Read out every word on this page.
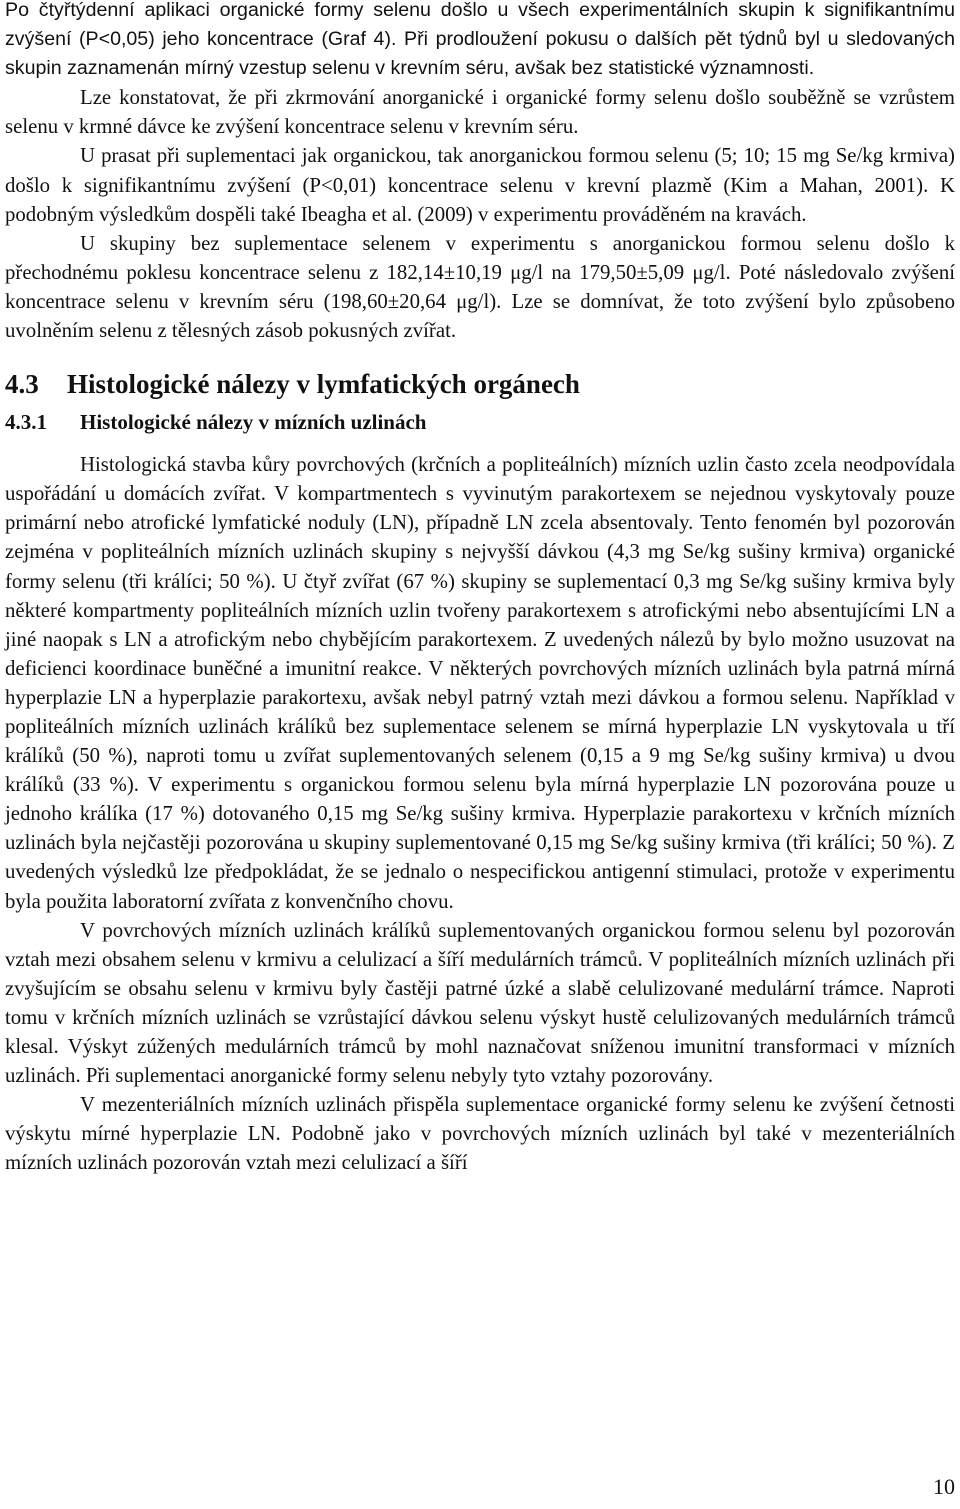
Po čtyřtýdenní aplikaci organické formy selenu došlo u všech experimentálních skupin k signifikantnímu zvýšení (P<0,05) jeho koncentrace (Graf 4). Při prodloužení pokusu o dalších pět týdnů byl u sledovaných skupin zaznamenán mírný vzestup selenu v krevním séru, avšak bez statistické významnosti.

Lze konstatovat, že při zkrmování anorganické i organické formy selenu došlo souběžně se vzrůstem selenu v krmné dávce ke zvýšení koncentrace selenu v krevním séru.

U prasat při suplementaci jak organickou, tak anorganickou formou selenu (5; 10; 15 mg Se/kg krmiva) došlo k signifikantnímu zvýšení (P<0,01) koncentrace selenu v krevní plazmě (Kim a Mahan, 2001). K podobným výsledkům dospěli také Ibeagha et al. (2009) v experimentu prováděném na kravách.

U skupiny bez suplementace selenem v experimentu s anorganickou formou selenu došlo k přechodnému poklesu koncentrace selenu z 182,14±10,19 μg/l na 179,50±5,09 μg/l. Poté následovalo zvýšení koncentrace selenu v krevním séru (198,60±20,64 μg/l). Lze se domnívat, že toto zvýšení bylo způsobeno uvolněním selenu z tělesných zásob pokusných zvířat.

4.3 Histologické nálezy v lymfatických orgánech
4.3.1 Histologické nálezy v mízních uzlinách

Histologická stavba kůry povrchových (krčních a popliteálních) mízních uzlin často zcela neodpovídala uspořádání u domácích zvířat. V kompartmentech s vyvinutým parakortexem se nejednou vyskytovaly pouze primární nebo atrofické lymfatické noduly (LN), případně LN zcela absentovaly. Tento fenomén byl pozorován zejména v popliteálních mízních uzlinách skupiny s nejvyšší dávkou (4,3 mg Se/kg sušiny krmiva) organické formy selenu (tři králíci; 50 %). U čtyř zvířat (67 %) skupiny se suplementací 0,3 mg Se/kg sušiny krmiva byly některé kompartmenty popliteálních mízních uzlin tvořeny parakortexem s atrofickými nebo absentujícími LN a jiné naopak s LN a atrofickým nebo chybějícím parakortexem. Z uvedených nálezů by bylo možno usuzovat na deficienci koordinace buněčné a imunitní reakce. V některých povrchových mízních uzlinách byla patrná mírná hyperplazie LN a hyperplazie parakortexu, avšak nebyl patrný vztah mezi dávkou a formou selenu. Například v popliteálních mízních uzlinách králíků bez suplementace selenem se mírná hyperplazie LN vyskytovala u tří králíků (50 %), naproti tomu u zvířat suplementovaných selenem (0,15 a 9 mg Se/kg sušiny krmiva) u dvou králíků (33 %). V experimentu s organickou formou selenu byla mírná hyperplazie LN pozorována pouze u jednoho králíka (17 %) dotovaného 0,15 mg Se/kg sušiny krmiva. Hyperplazie parakortexu v krčních mízních uzlinách byla nejčastěji pozorována u skupiny suplementované 0,15 mg Se/kg sušiny krmiva (tři králíci; 50 %). Z uvedených výsledků lze předpokládat, že se jednalo o nespecifickou antigenní stimulaci, protože v experimentu byla použita laboratorní zvířata z konvenčního chovu.

V povrchových mízních uzlinách králíků suplementovaných organickou formou selenu byl pozorován vztah mezi obsahem selenu v krmivu a celulizací a šíří medulárních trámců. V popliteálních mízních uzlinách při zvyšujícím se obsahu selenu v krmivu byly častěji patrné úzké a slabě celulizované medulární trámce. Naproti tomu v krčních mízních uzlinách se vzrůstající dávkou selenu výskyt hustě celulizovaných medulárních trámců klesal. Výskyt zúžených medulárních trámců by mohl naznačovat sníženou imunitní transformaci v mízních uzlinách. Při suplementaci anorganické formy selenu nebyly tyto vztahy pozorovány.

V mezenteriálních mízních uzlinách přispěla suplementace organické formy selenu ke zvýšení četnosti výskytu mírné hyperplazie LN. Podobně jako v povrchových mízních uzlinách byl také v mezenteriálních mízních uzlinách pozorován vztah mezi celulizací a šíří

10
